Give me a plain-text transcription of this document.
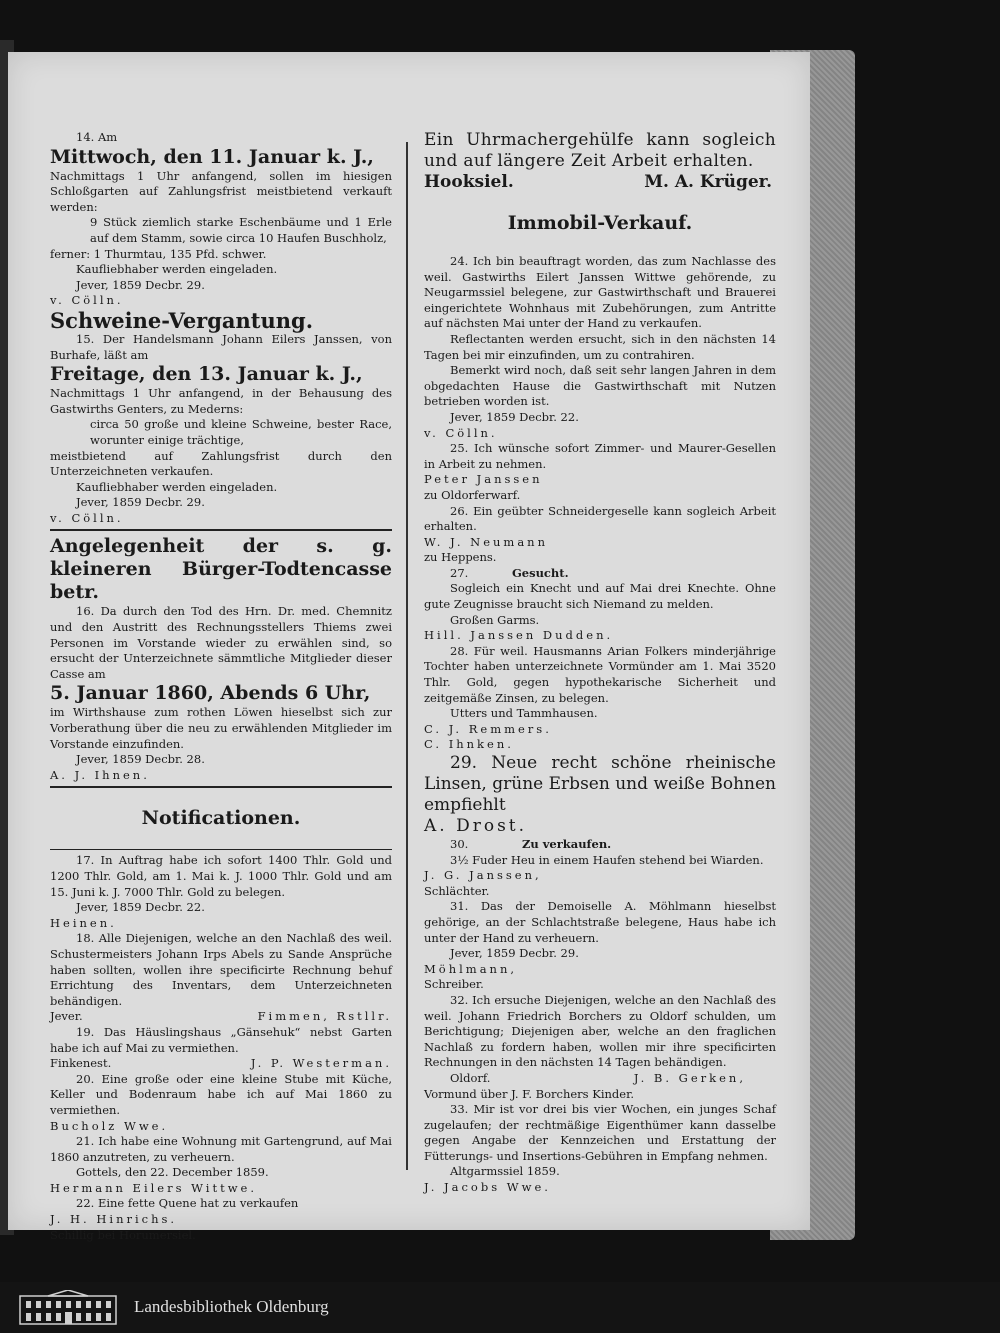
14. Am

Mittwoch, den 11. Januar k. J.,

Nachmittags 1 Uhr anfangend, sollen im hiesigen Schloßgarten auf Zahlungsfrist meistbietend verkauft werden:

9 Stück ziemlich starke Eschenbäume und 1 Erle auf dem Stamm, sowie circa 10 Haufen Buschholz,

ferner: 1 Thurmtau, 135 Pfd. schwer.

Kaufliebhaber werden eingeladen.

Jever, 1859 Decbr. 29.

v. Cölln.

Schweine-Vergantung.

15. Der Handelsmann Johann Eilers Janssen, von Burhafe, läßt am

Freitage, den 13. Januar k. J.,

Nachmittags 1 Uhr anfangend, in der Behausung des Gastwirths Genters, zu Mederns:

circa 50 große und kleine Schweine, bester Race, worunter einige trächtige,

meistbietend auf Zahlungsfrist durch den Unterzeichneten verkaufen.

Kaufliebhaber werden eingeladen.

Jever, 1859 Decbr. 29.

v. Cölln.

Angelegenheit der s. g. kleineren Bürger-Todtencasse betr.

16. Da durch den Tod des Hrn. Dr. med. Chemnitz und den Austritt des Rechnungsstellers Thiems zwei Personen im Vorstande wieder zu erwählen sind, so ersucht der Unterzeichnete sämmtliche Mitglieder dieser Casse am

5. Januar 1860, Abends 6 Uhr,

im Wirthshause zum rothen Löwen hieselbst sich zur Vorberathung über die neu zu erwählenden Mitglieder im Vorstande einzufinden.

Jever, 1859 Decbr. 28.

A. J. Ihnen.

Notificationen.

17. In Auftrag habe ich sofort 1400 Thlr. Gold und 1200 Thlr. Gold, am 1. Mai k. J. 1000 Thlr. Gold und am 15. Juni k. J. 7000 Thlr. Gold zu belegen.

Jever, 1859 Decbr. 22.

Heinen.

18. Alle Diejenigen, welche an den Nachlaß des weil. Schustermeisters Johann Irps Abels zu Sande Ansprüche haben sollten, wollen ihre specificirte Rechnung behuf Errichtung des Inventars, dem Unterzeichneten behändigen.

Jever.	Fimmen, Rstllr.

19. Das Häuslingshaus „Gänsehuk“ nebst Garten habe ich auf Mai zu vermiethen.

Finkenest.	J. P. Westerman.

20. Eine große oder eine kleine Stube mit Küche, Keller und Bodenraum habe ich auf Mai 1860 zu vermiethen.

Bucholz Wwe.

21. Ich habe eine Wohnung mit Gartengrund, auf Mai 1860 anzutreten, zu verheuern.

Gottels, den 22. December 1859.

Hermann Eilers Wittwe.

22. Eine fette Quene hat zu verkaufen

J. H. Hinrichs.

Schillig bei Horumersiel.

Ein Uhrmachergehülfe kann sogleich und auf längere Zeit Arbeit erhalten.

Hooksiel.	M. A. Krüger.

Immobil-Verkauf.

24. Ich bin beauftragt worden, das zum Nachlasse des weil. Gastwirths Eilert Janssen Wittwe gehörende, zu Neugarmssiel belegene, zur Gastwirthschaft und Brauerei eingerichtete Wohnhaus mit Zubehörungen, zum Antritte auf nächsten Mai unter der Hand zu verkaufen.

Reflectanten werden ersucht, sich in den nächsten 14 Tagen bei mir einzufinden, um zu contrahiren.

Bemerkt wird noch, daß seit sehr langen Jahren in dem obgedachten Hause die Gastwirthschaft mit Nutzen betrieben worden ist.

Jever, 1859 Decbr. 22.

v. Cölln.

25. Ich wünsche sofort Zimmer- und Maurer-Gesellen in Arbeit zu nehmen.

Peter Janssen

zu Oldorferwarf.

26. Ein geübter Schneidergeselle kann sogleich Arbeit erhalten.

W. J. Neumann

zu Heppens.

27.	Gesucht.

Sogleich ein Knecht und auf Mai drei Knechte. Ohne gute Zeugnisse braucht sich Niemand zu melden.

Großen Garms.

Hill. Janssen Dudden.

28. Für weil. Hausmanns Arian Folkers minderjährige Tochter haben unterzeichnete Vormünder am 1. Mai 3520 Thlr. Gold, gegen hypothekarische Sicherheit und zeitgemäße Zinsen, zu belegen.

Utters und Tammhausen.

C. J. Remmers.

C. Ihnken.

29. Neue recht schöne rheinische Linsen, grüne Erbsen und weiße Bohnen empfiehlt

A. Drost.

30.	Zu verkaufen.

3½ Fuder Heu in einem Haufen stehend bei Wiarden.

J. G. Janssen,

Schlächter.

31. Das der Demoiselle A. Möhlmann hieselbst gehörige, an der Schlachtstraße belegene, Haus habe ich unter der Hand zu verheuern.

Jever, 1859 Decbr. 29.

Möhlmann,

Schreiber.

32. Ich ersuche Diejenigen, welche an den Nachlaß des weil. Johann Friedrich Borchers zu Oldorf schulden, um Berichtigung; Diejenigen aber, welche an den fraglichen Nachlaß zu fordern haben, wollen mir ihre specificirten Rechnungen in den nächsten 14 Tagen behändigen.

Oldorf.	J. B. Gerken,

Vormund über J. F. Borchers Kinder.

33. Mir ist vor drei bis vier Wochen, ein junges Schaf zugelaufen; der rechtmäßige Eigenthümer kann dasselbe gegen Angabe der Kennzeichen und Erstattung der Fütterungs- und Insertions-Gebühren in Empfang nehmen.

Altgarmssiel 1859.

J. Jacobs Wwe.

Landesbibliothek Oldenburg
